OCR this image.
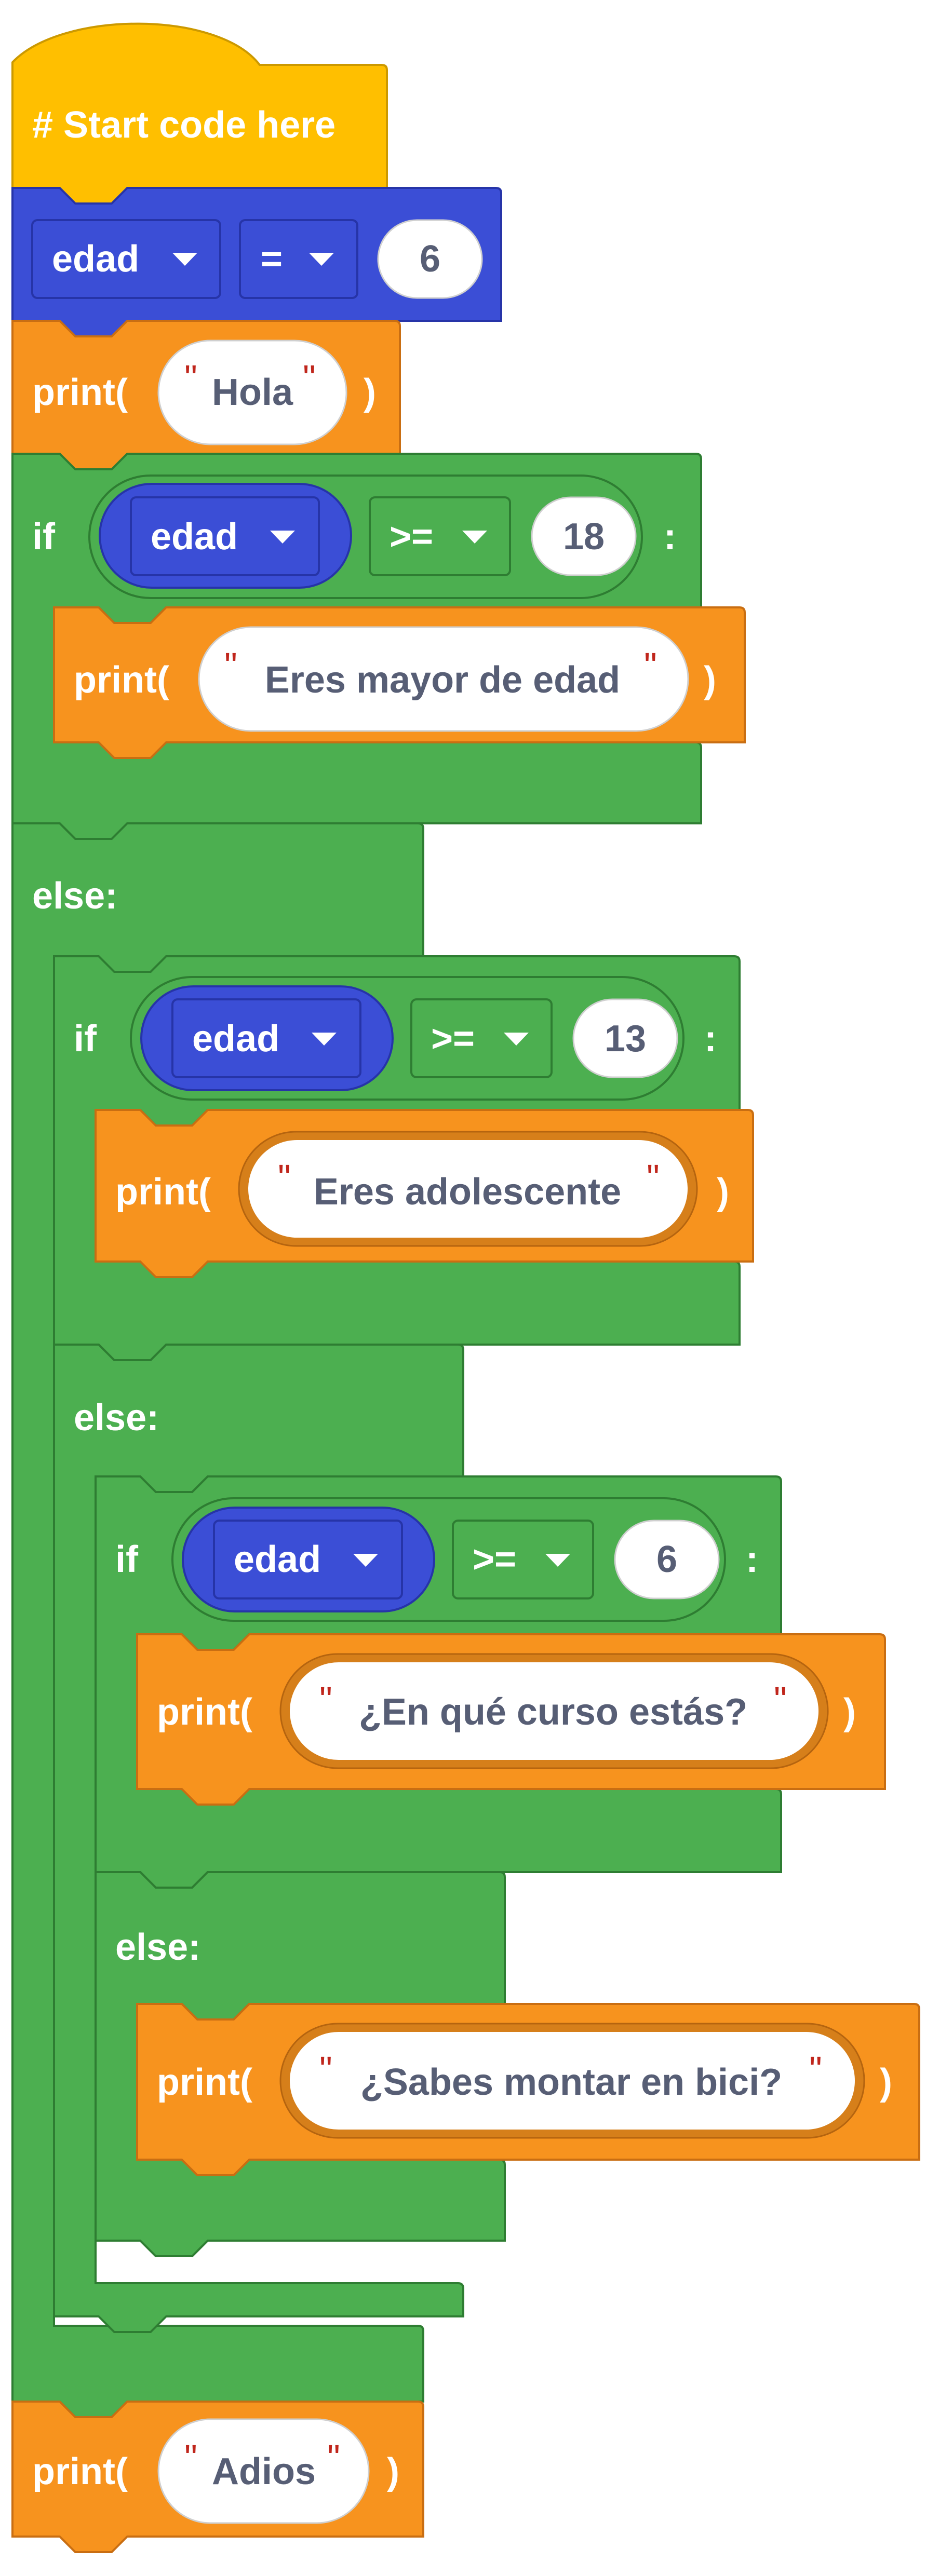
# Start code here
edad	=	6
print( " Hola " )
if	edad	>=	18 :
print( " Eres mayor de edad " )
else:
if	edad	>=	13 :
print( " Eres adolescente " )
else:
if	edad	>=	6 :
print( " ¿En qué curso estás? " )
else:
print( " ¿Sabes montar en bici? " )
print( " Adios " )
